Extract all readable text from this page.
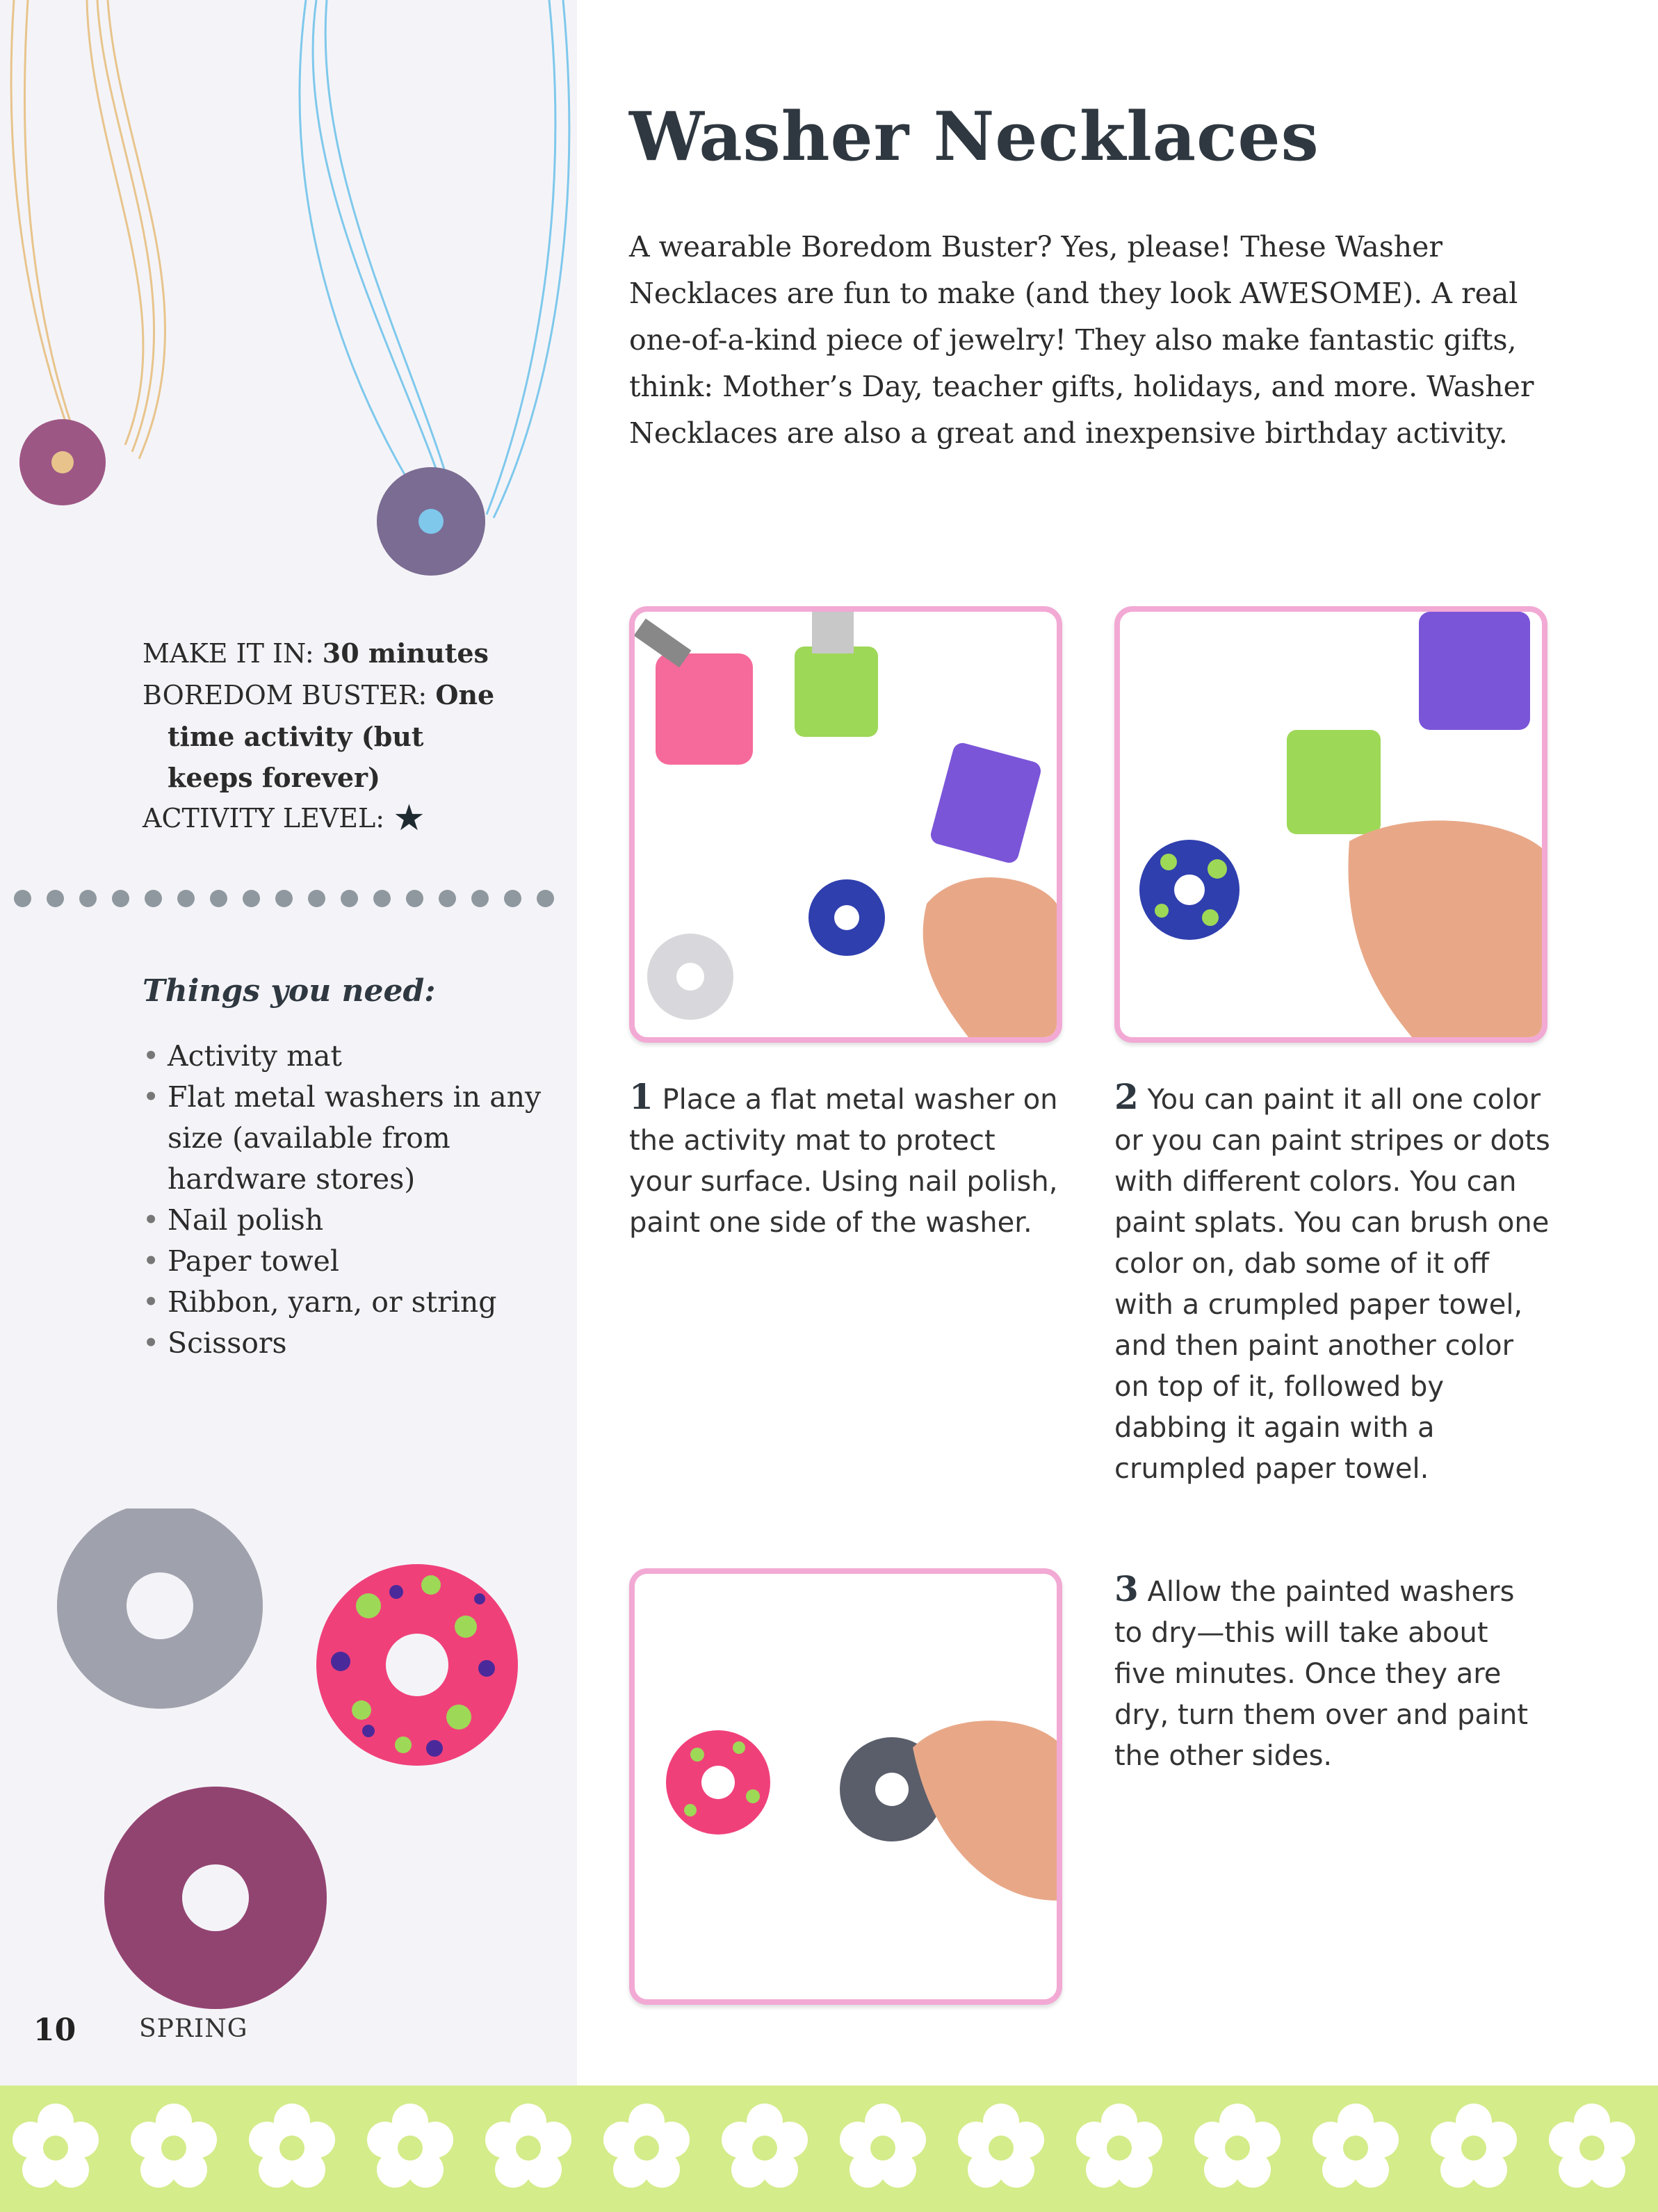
Washer Necklaces

A wearable Boredom Buster? Yes, please! These Washer Necklaces are fun to make (and they look AWESOME). A real one-of-a-kind piece of jewelry! They also make fantastic gifts, think: Mother’s Day, teacher gifts, holidays, and more. Washer Necklaces are also a great and inexpensive birthday activity.

MAKE IT IN: 30 minutes
BOREDOM BUSTER: One
time activity (but
keeps forever)
ACTIVITY LEVEL: ★
Things you need:
• Activity mat
• Flat metal washers in any size (available from hardware stores)
• Nail polish
• Paper towel
• Ribbon, yarn, or string
• Scissors
1 Place a flat metal washer on the activity mat to protect your surface. Using nail polish, paint one side of the washer.
2 You can paint it all one color or you can paint stripes or dots with different colors. You can paint splats. You can brush one color on, dab some of it off with a crumpled paper towel, and then paint another color on top of it, followed by dabbing it again with a crumpled paper towel.
3 Allow the painted washers to dry—this will take about five minutes. Once they are dry, turn them over and paint the other sides.
10	SPRING
